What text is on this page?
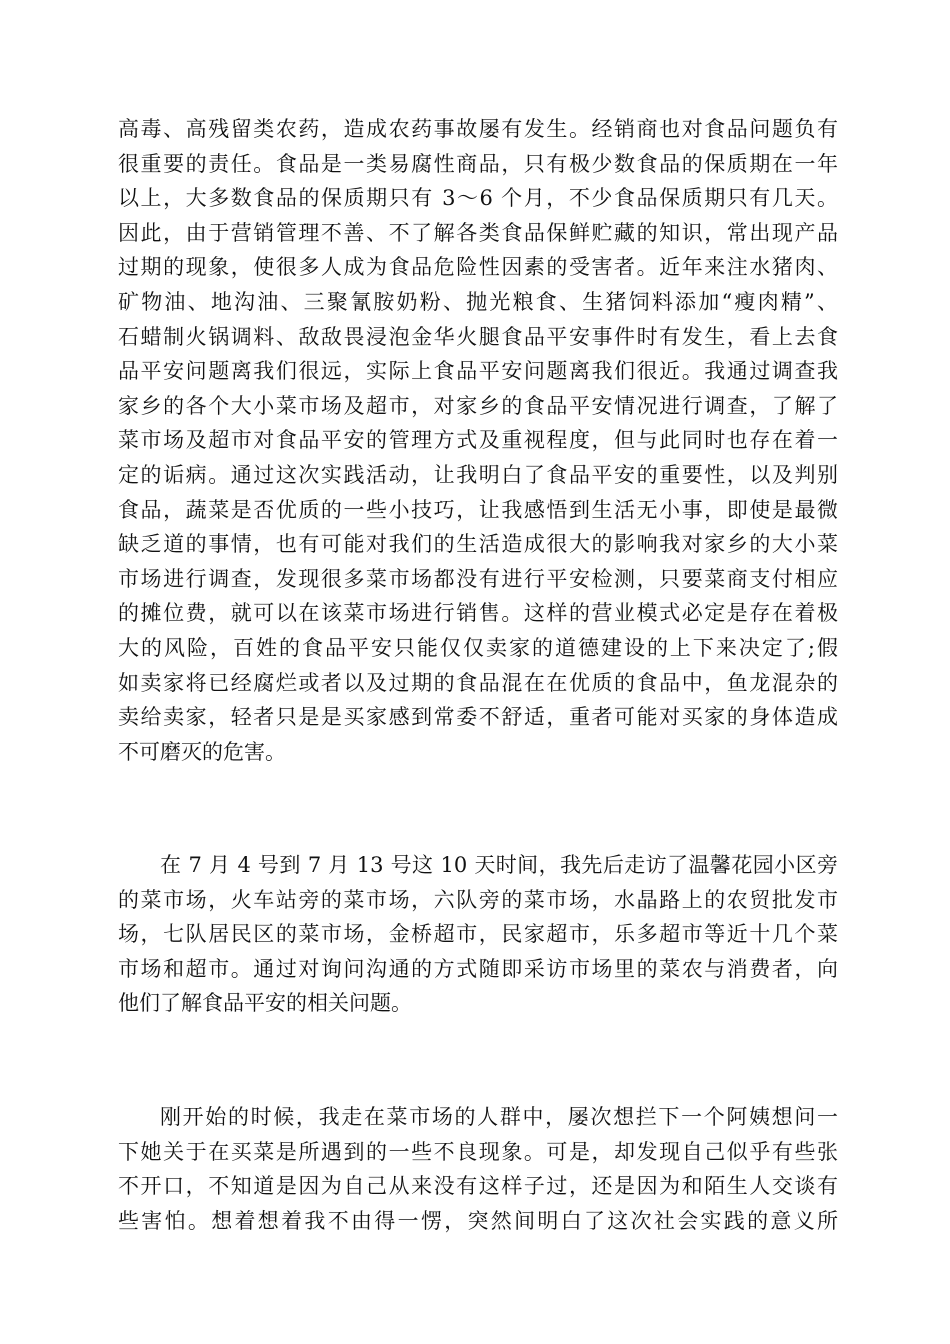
高毒、高残留类农药，造成农药事故屡有发生。经销商也对食品问题负有
很重要的责任。食品是一类易腐性商品，只有极少数食品的保质期在一年
以上，大多数食品的保质期只有 3～6 个月，不少食品保质期只有几天。
因此，由于营销管理不善、不了解各类食品保鲜贮藏的知识，常出现产品
过期的现象，使很多人成为食品危险性因素的受害者。近年来注水猪肉、
矿物油、地沟油、三聚氰胺奶粉、抛光粮食、生猪饲料添加“瘦肉精”、
石蜡制火锅调料、敌敌畏浸泡金华火腿食品平安事件时有发生，看上去食
品平安问题离我们很远，实际上食品平安问题离我们很近。我通过调查我
家乡的各个大小菜市场及超市，对家乡的食品平安情况进行调查，了解了
菜市场及超市对食品平安的管理方式及重视程度，但与此同时也存在着一
定的诟病。通过这次实践活动，让我明白了食品平安的重要性，以及判别
食品，蔬菜是否优质的一些小技巧，让我感悟到生活无小事，即使是最微
缺乏道的事情，也有可能对我们的生活造成很大的影响我对家乡的大小菜
市场进行调查，发现很多菜市场都没有进行平安检测，只要菜商支付相应
的摊位费，就可以在该菜市场进行销售。这样的营业模式必定是存在着极
大的风险，百姓的食品平安只能仅仅卖家的道德建设的上下来决定了;假
如卖家将已经腐烂或者以及过期的食品混在在优质的食品中，鱼龙混杂的
卖给卖家，轻者只是是买家感到常委不舒适，重者可能对买家的身体造成
不可磨灭的危害。
在 7 月 4 号到 7 月 13 号这 10 天时间，我先后走访了温馨花园小区旁
的菜市场，火车站旁的菜市场，六队旁的菜市场，水晶路上的农贸批发市
场，七队居民区的菜市场，金桥超市，民家超市，乐多超市等近十几个菜
市场和超市。通过对询问沟通的方式随即采访市场里的菜农与消费者，向
他们了解食品平安的相关问题。
刚开始的时候，我走在菜市场的人群中，屡次想拦下一个阿姨想问一
下她关于在买菜是所遇到的一些不良现象。可是，却发现自己似乎有些张
不开口，不知道是因为自己从来没有这样子过，还是因为和陌生人交谈有
些害怕。想着想着我不由得一愣，突然间明白了这次社会实践的意义所
